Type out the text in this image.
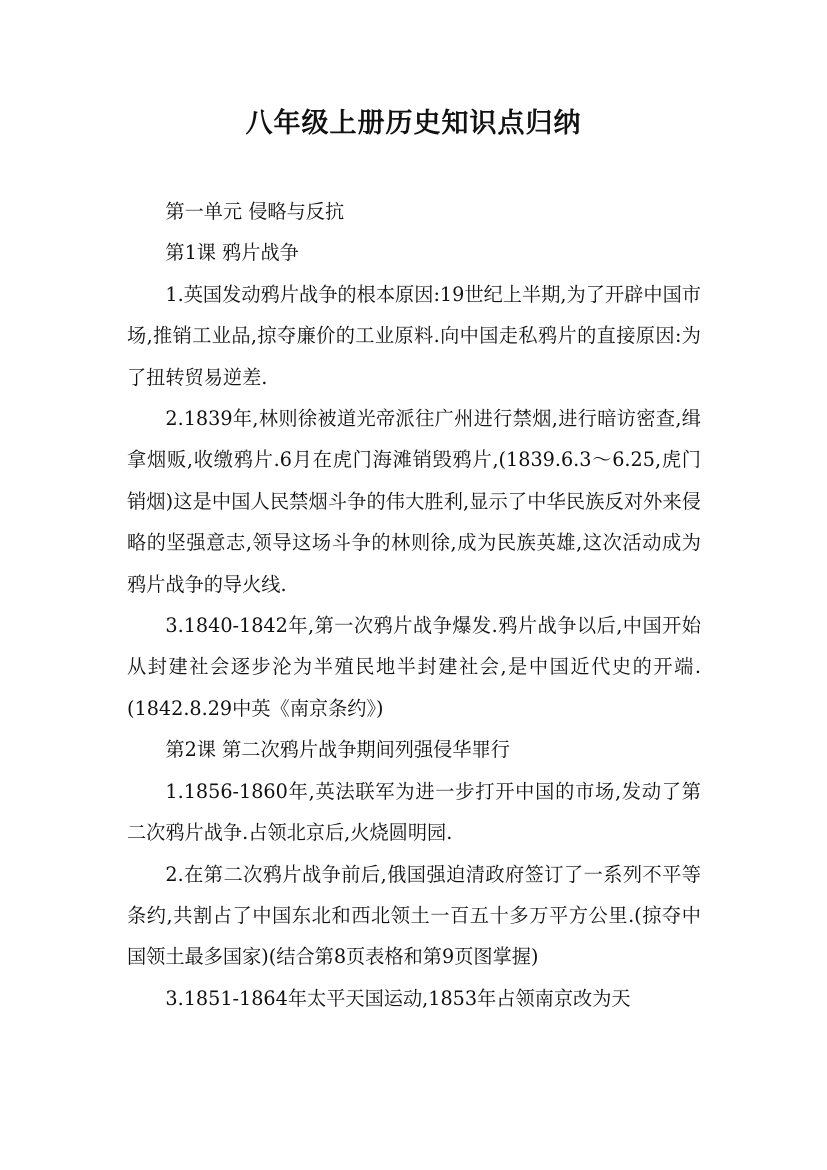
八年级上册历史知识点归纳

第一单元 侵略与反抗

第1课 鸦片战争

1.英国发动鸦片战争的根本原因:19世纪上半期,为了开辟中国市场,推销工业品,掠夺廉价的工业原料.向中国走私鸦片的直接原因:为了扭转贸易逆差.

2.1839年,林则徐被道光帝派往广州进行禁烟,进行暗访密查,缉拿烟贩,收缴鸦片.6月在虎门海滩销毁鸦片,(1839.6.3～6.25,虎门销烟)这是中国人民禁烟斗争的伟大胜利,显示了中华民族反对外来侵略的坚强意志,领导这场斗争的林则徐,成为民族英雄,这次活动成为鸦片战争的导火线.

3.1840-1842年,第一次鸦片战争爆发.鸦片战争以后,中国开始从封建社会逐步沦为半殖民地半封建社会,是中国近代史的开端.(1842.8.29中英《南京条约》)

第2课 第二次鸦片战争期间列强侵华罪行

1.1856-1860年,英法联军为进一步打开中国的市场,发动了第二次鸦片战争.占领北京后,火烧圆明园.

2.在第二次鸦片战争前后,俄国强迫清政府签订了一系列不平等条约,共割占了中国东北和西北领土一百五十多万平方公里.(掠夺中国领土最多国家)(结合第8页表格和第9页图掌握)

3.1851-1864年太平天国运动,1853年占领南京改为天
